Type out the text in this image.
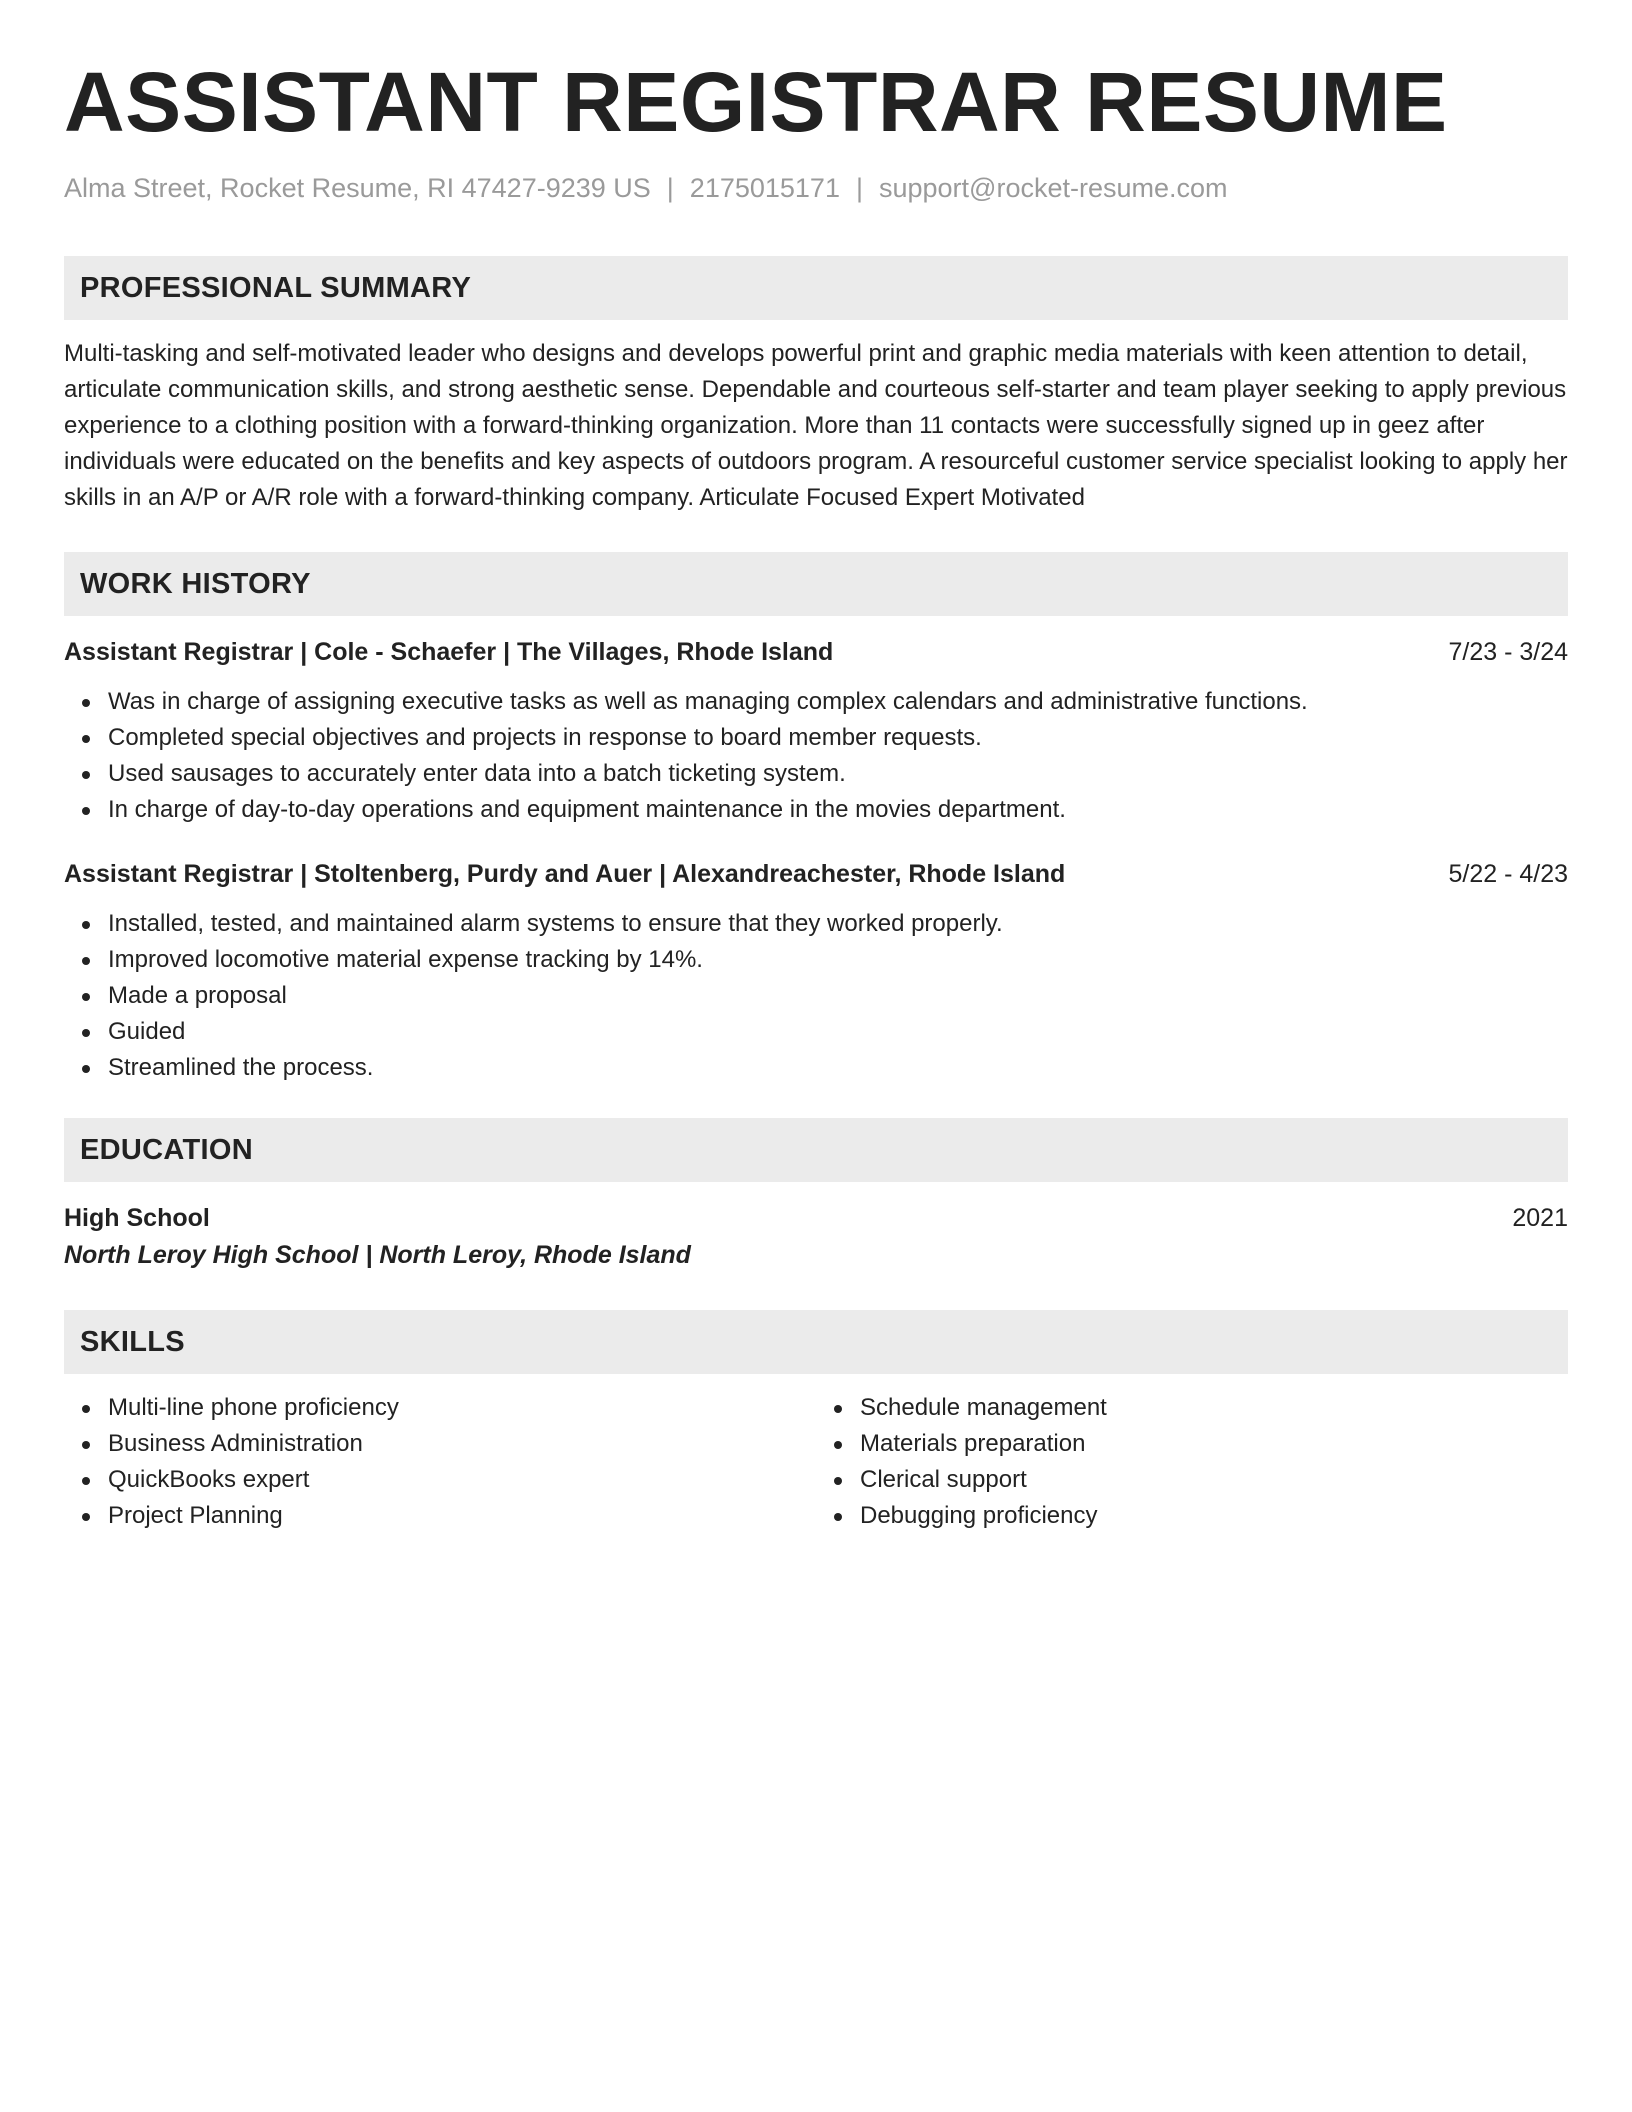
ASSISTANT REGISTRAR RESUME
Alma Street, Rocket Resume, RI 47427-9239 US | 2175015171 | support@rocket-resume.com
PROFESSIONAL SUMMARY

Multi-tasking and self-motivated leader who designs and develops powerful print and graphic media materials with keen attention to detail, articulate communication skills, and strong aesthetic sense. Dependable and courteous self-starter and team player seeking to apply previous experience to a clothing position with a forward-thinking organization. More than 11 contacts were successfully signed up in geez after individuals were educated on the benefits and key aspects of outdoors program. A resourceful customer service specialist looking to apply her skills in an A/P or A/R role with a forward-thinking company. Articulate Focused Expert Motivated

WORK HISTORY
Assistant Registrar | Cole - Schaefer | The Villages, Rhode Island	7/23 - 3/24
Was in charge of assigning executive tasks as well as managing complex calendars and administrative functions.
Completed special objectives and projects in response to board member requests.
Used sausages to accurately enter data into a batch ticketing system.
In charge of day-to-day operations and equipment maintenance in the movies department.
Assistant Registrar | Stoltenberg, Purdy and Auer | Alexandreachester, Rhode Island	5/22 - 4/23
Installed, tested, and maintained alarm systems to ensure that they worked properly.
Improved locomotive material expense tracking by 14%.
Made a proposal
Guided
Streamlined the process.
EDUCATION
High School	2021
North Leroy High School | North Leroy, Rhode Island
SKILLS
Multi-line phone proficiency
Business Administration
QuickBooks expert
Project Planning
Schedule management
Materials preparation
Clerical support
Debugging proficiency
